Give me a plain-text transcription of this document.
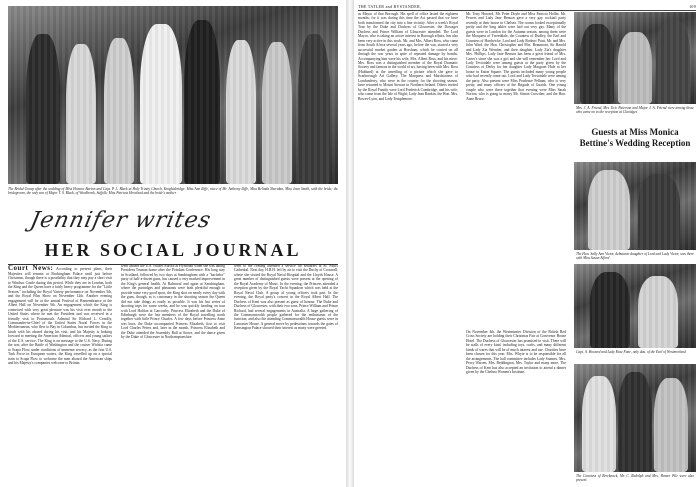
The Bridal Group after the wedding of Miss Honora Barton and Capt. P. L. Black at Holy Trinity Church, Knightsbridge: Miss Ann Iliffe, niece of Mr. Anthony Iliffe, Miss Belinda Sheridan, Miss Joan Smith, with the bride; the bridegroom, the only son of Major T. S. Black, of Woolbrook, Suffolk; Miss Patricia Heveland and the bride's mother
Jennifer writes
HER SOCIAL JOURNAL
Court News: According to present plans, their Majesties will remain at Buckingham Palace until just before Christmas, though there is a possibility that they may pay a short visit to Windsor Castle during this period. While they are in London, both the King and the Queen have a fairly heavy programme for the "Little Season," including the Royal Variety performance on November 5th, and the Royal Film Show on November 12th. Another evening engagement will be at the annual Festival of Remembrance at the Albert Hall on November 9th. An engagement which the King is connected with very great pleasure was his visit over month to the United States where he met the President and was received in a friendly visit to Portsmouth. Admiral Sir Richard L. Conolly, Commander-in-Chief of the United States Naval Forces in the Mediterranean, who flew to Bay in Columbus, has invited the King to lunch with his aboard during his visit, and his Majesty is looking forward to meeting the American Admiral, officers and young sailors of the U.S. service. The King is on message to the U.S. Navy. During the war, after the Battle of Washington and the cruiser Wichita came to Scapa Flow, under conditions of immense secrecy, as the first U.S. Task Force in European waters, the King travelled up on a special train to Scapa Flow to welcome the men aboard the American ships and his Majesty's companies welcome to Britain.
went aboard the U.S. cruiser Aurora at Plymouth when she was taking President Truman home after the Potsdam Conference. His long stay in Scotland, followed by two days at Sandringham with a "bachelor" party of half-a-dozen guns, has caused a very marked improvement in the King's general health. At Balmoral and again at Sandringham, where the partridges and pheasants were both plentiful enough to provide some very good sport, the King shot on nearly every day with the guns, though, as is customary in the shooting season the Queen did not take things as easily as possible. It was his last series of shooting trips for some weeks, and he was quickly heading on tour with Lord Halifax at Garrowby. Princess Elizabeth and the Duke of Edinburgh were the last members of the Royal travelling north together with little Prince Charles. A few days before Princess Anne was born, the Duke accompanied Princess Elizabeth, first to visit Lord Charles Peters and, later in the month, Princess Elizabeth and the Duke attended the Assembly Ball at Stowe, and the dance given by the Duke of Gloucester in Northamptonshire.
went to the coming attended a service for seafarers at St. Paul's Cathedral. Next day, H.R.H. left by air to visit the Duchy of Cornwall, where she visited the Royal Naval Hospital and the Lloyds House. A great number of distinguished guests were present at the opening of the Royal Academy of Music. In the evening, the Princess attended a reception given by the Royal Yacht Squadron which was held at the Royal Naval Club. A group of young officers took part. In the evening, the Royal party's concert in the Royal Albert Hall. The Duchess of Kent was also present as guest of honour. The Duke and Duchess of Gloucester, with their two sons, Prince William and Prince Richard, had several engagements in Australia. A large gathering of the Commonwealth people gathered for the enthusiasm of the function, and also the attending Commonwealth House guests were in Lancaster House. A general move by pedestrians towards the gates of Kensington Palace showed their interest as many were greeted.
THE TATLER and BYSTANDER,	109
as Mayor of that Borough. His spell of office lasted the eighteen months; for it was during this time the Act passed that we have both transformed the city into a fine vicinity. After a week's Royal Tour by the Duke and Duchess of Gloucester, the Dowager Duchess and Prince William of Gloucester attended. The Lord Mayor, who is taking an active interest in Borough affairs, has also been very active in this work. Mr. and Mrs. Albert Ross, who came from South Africa several years ago, before the war, started a very successful market garden at Horsham, which he carried on all through the war years in spite of repeated damage by bombs. Accompanying him were his wife, Mrs. Albert Ross, and his niece. Mrs. Ross was a distinguished member of the Royal Dramatic Society and famous in the world of art, having been with Mrs. Ross (Hubbard) at the unveiling of a picture which she gave to Scarborough Art Gallery. The Marquess and Marchioness of Londonderry, who were in the country for the shooting season, have returned to Mount Stewart in Northern Ireland. Others invited by the Royal Family were Lord Frederick Cambridge, and his wife, who came from the Isle of Wight; Lady Jean Rankin, the Hon. Mrs. Bowes-Lyon, and Lady Templemore.
Mr. Tony Howard, Mr. Peter Doyle and Miss Patricia Hollin. Mr. Ferrers and Lady Jane Benson gave a very gay cocktail party recently at their house in Chelsea. The rooms looked exceptionally pretty and the long tables were laid out very gay. Many of the guests were in London for the Autumn season, among them were the Marquess of Tweeddale, the Countess of Dudley, the Earl and Countess of Hardwicke, Lord and Lady Roderic Pratt, Mr. and Mrs. John Ward, the Hon. Christopher and Mrs. Beaumont, Sir Harold and Lady Zia Wernher, and their daughter, Lady Zia's daughter Mrs. Phillips. Lady Jane Benson has been a great friend of Mrs. Carter's since she was a girl and she will remember her. Lord and Lady Teviotdale were among guests at the party given by the Countess of Derby for her daughter Lady Margaret Hale at her house in Eaton Square. The guests included many young people who had recently come out. Lord and Lady Teviotdale were among the party. Also present were Miss Prudence Pelham, who is very pretty, and many officers of the Brigade of Guards. One young couple who were there together that evening were Miss Sarah Norton, who is going to marry Mr. Simon Crowther, and the Hon. Anne Bruce.
Mrs. J. A. Friend, Mrs. Eric Paterson and Major J. A. Friend were among those who came on to the reception at Claridges
Guests at Miss Monica Bettine's Wedding Reception
The Hon. Sally Ann Victor, debutante daughter of Lord and Lady Victor, was there with Miss Susan Alford
Capt. A. Howard and Lady Rose Fane, only dau. of the Earl of Westmorland
On November 4th, the Westminster Division of the British Red Cross Society are holding their Christmas Fair at Grosvenor House Hotel. The Duchess of Gloucester has promised to visit. There will be stalls of every kind, including toys, crafts, and many different kinds of wares that will be of much interest and use. Charities have been chosen for this year. Mrs. Whyte is to be responsible for all the arrangements. The ball committee includes Lady Soames, Mrs. Percy Warren, Mrs. Beddington, Mrs. Taylor and many more. The Duchess of Kent has also accepted an invitation to attend a dinner given by the Chelsea Women's Institute.
The Countess of Brecknock, Mr. C. Rudolph and Mrs. Hamer Pile were also present
